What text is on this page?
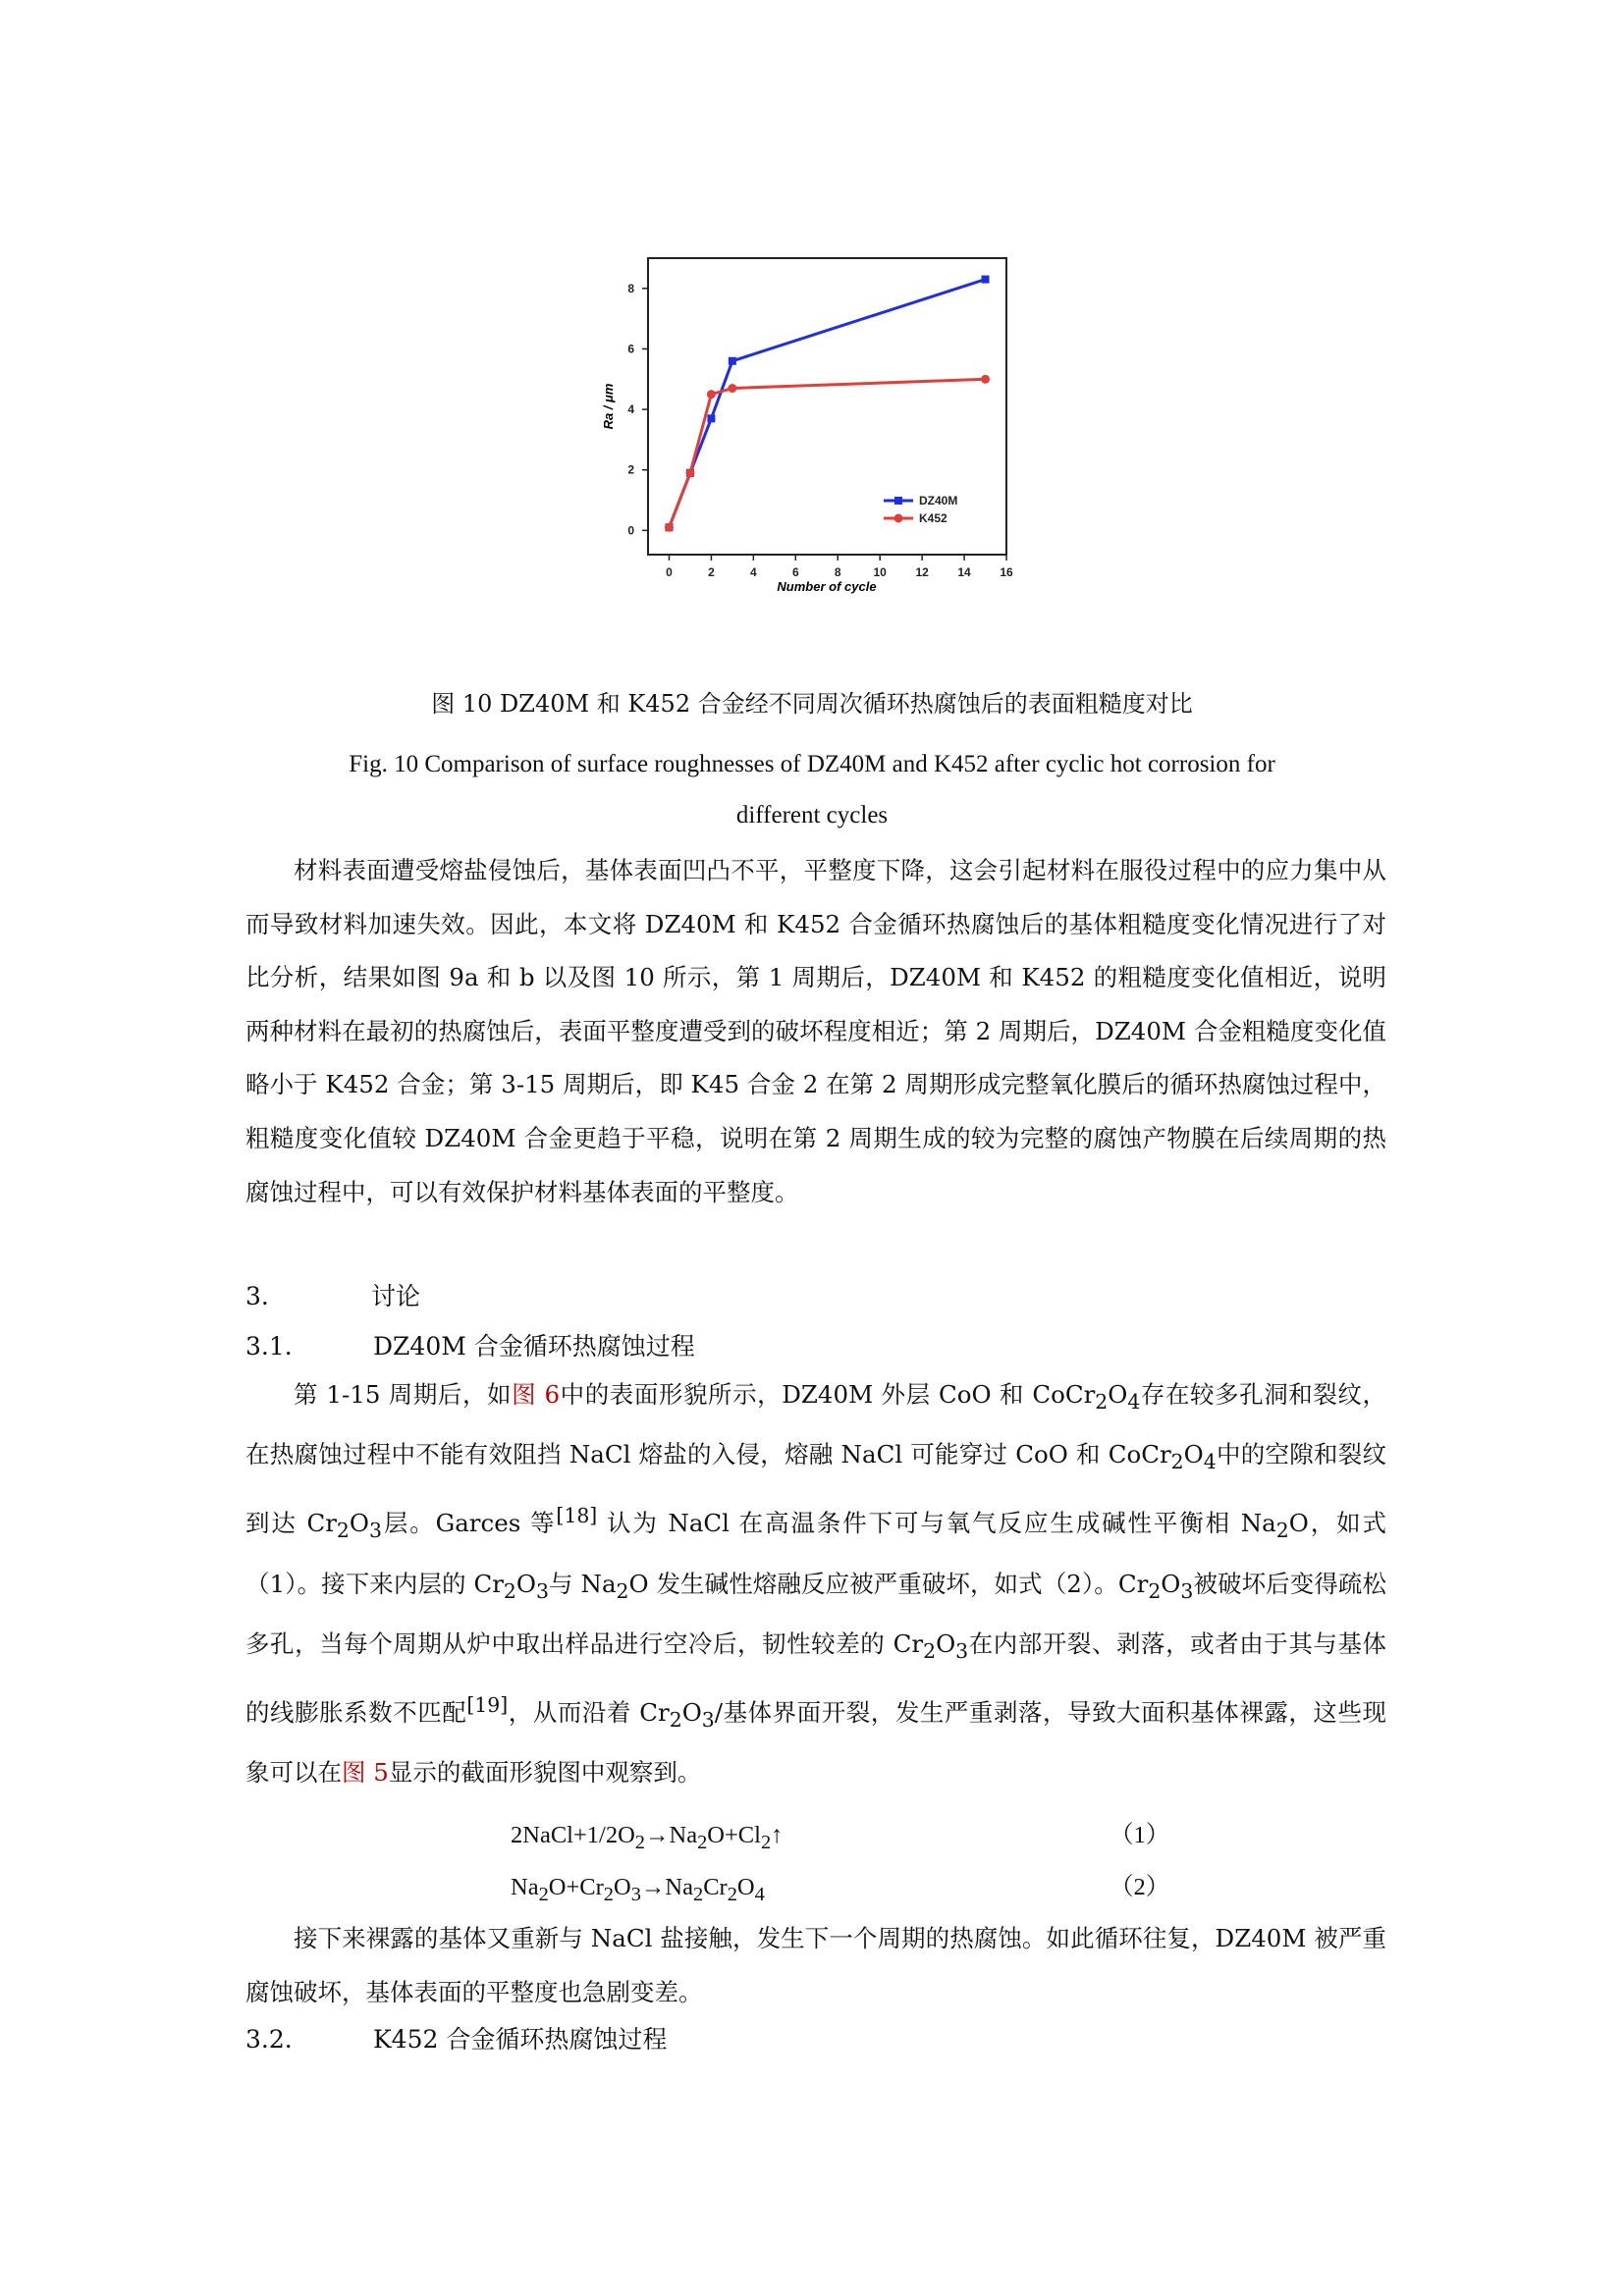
0	2	4	6	8	10 12 14 16
0
2
4
6
8
DZ40M
K452
Number of cycle
Ra / μm
图 10 DZ40M 和 K452 合金经不同周次循环热腐蚀后的表面粗糙度对比
Fig. 10 Comparison of surface roughnesses of DZ40M and K452 after cyclic hot corrosion for
different cycles

材料表面遭受熔盐侵蚀后，基体表面凹凸不平，平整度下降，这会引起材料在服役过程中的应力集中从而导致材料加速失效。因此，本文将 DZ40M 和 K452 合金循环热腐蚀后的基体粗糙度变化情况进行了对比分析，结果如图 9a 和 b 以及图 10 所示，第 1 周期后，DZ40M 和 K452 的粗糙度变化值相近，说明两种材料在最初的热腐蚀后，表面平整度遭受到的破坏程度相近；第 2 周期后，DZ40M 合金粗糙度变化值略小于 K452 合金；第 3-15 周期后，即 K45 合金 2 在第 2 周期形成完整氧化膜后的循环热腐蚀过程中，粗糙度变化值较 DZ40M 合金更趋于平稳，说明在第 2 周期生成的较为完整的腐蚀产物膜在后续周期的热腐蚀过程中，可以有效保护材料基体表面的平整度。

3.	讨论
3.1.	DZ40M 合金循环热腐蚀过程

第 1-15 周期后，如图 6中的表面形貌所示，DZ40M 外层 CoO 和 $CoCr_2O_4$存在较多孔洞和裂纹，在热腐蚀过程中不能有效阻挡 NaCl 熔盐的入侵，熔融 NaCl 可能穿过 CoO 和 $CoCr_2O_4$中的空隙和裂纹到达 $Cr_2O_3$层。Garces 等[18] 认为 NaCl 在高温条件下可与氧气反应生成碱性平衡相 $Na_2O$，如式（1）。接下来内层的 $Cr_2O_3$与 $Na_2O$ 发生碱性熔融反应被严重破坏，如式（2）。$Cr_2O_3$被破坏后变得疏松多孔，当每个周期从炉中取出样品进行空冷后，韧性较差的 $Cr_2O_3$在内部开裂、剥落，或者由于其与基体的线膨胀系数不匹配[19]，从而沿着 $Cr_2O_3/$基体界面开裂，发生严重剥落，导致大面积基体裸露，这些现象可以在图 5显示的截面形貌图中观察到。

$2NaCl+1/2O_2\to Na_2O+Cl_2↑$	（1）
$Na_2O+Cr_2O_3\to Na_2Cr_2O_4$	（2）

接下来裸露的基体又重新与 NaCl 盐接触，发生下一个周期的热腐蚀。如此循环往复，DZ40M 被严重腐蚀破坏，基体表面的平整度也急剧变差。

3.2.	K452 合金循环热腐蚀过程
